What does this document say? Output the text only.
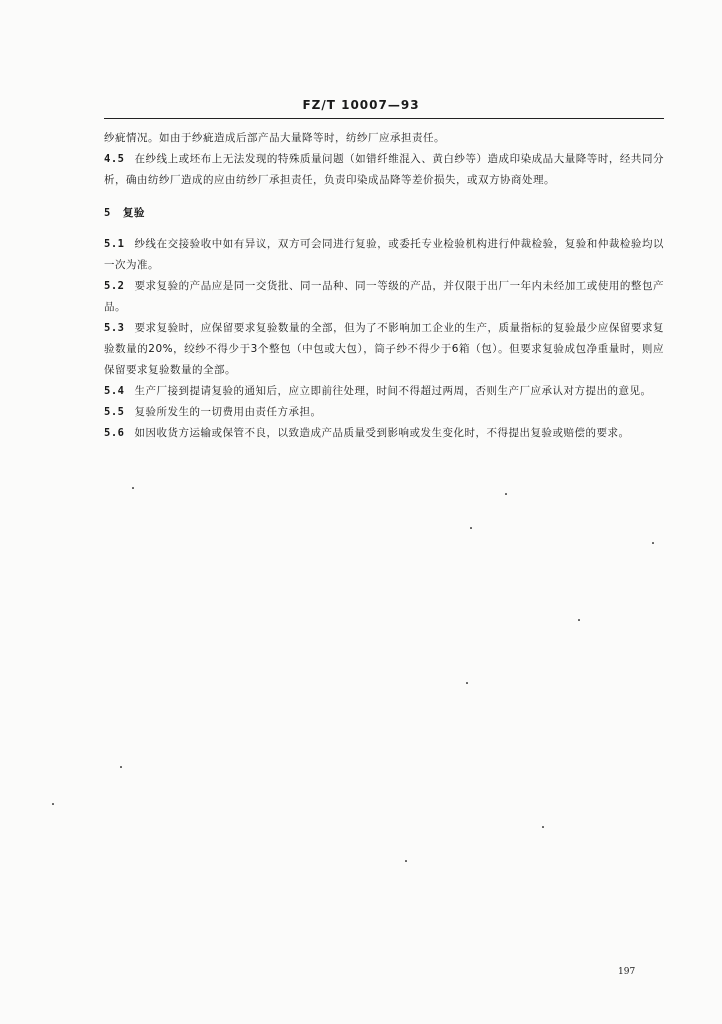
FZ/T 10007—93

纱疵情况。如由于纱疵造成后部产品大量降等时，纺纱厂应承担责任。

4.5 在纱线上或坯布上无法发现的特殊质量问题（如错纤维混入、黄白纱等）造成印染成品大量降等时，经共同分析，确由纺纱厂造成的应由纺纱厂承担责任，负责印染成品降等差价损失，或双方协商处理。

5 复验

5.1 纱线在交接验收中如有异议，双方可会同进行复验，或委托专业检验机构进行仲裁检验，复验和仲裁检验均以一次为准。

5.2 要求复验的产品应是同一交货批、同一品种、同一等级的产品，并仅限于出厂一年内未经加工或使用的整包产品。

5.3 要求复验时，应保留要求复验数量的全部，但为了不影响加工企业的生产，质量指标的复验最少应保留要求复验数量的20%，绞纱不得少于3个整包（中包或大包），筒子纱不得少于6箱（包）。但要求复验成包净重量时，则应保留要求复验数量的全部。

5.4 生产厂接到提请复验的通知后，应立即前往处理，时间不得超过两周，否则生产厂应承认对方提出的意见。

5.5 复验所发生的一切费用由责任方承担。

5.6 如因收货方运输或保管不良，以致造成产品质量受到影响或发生变化时，不得提出复验或赔偿的要求。

197
